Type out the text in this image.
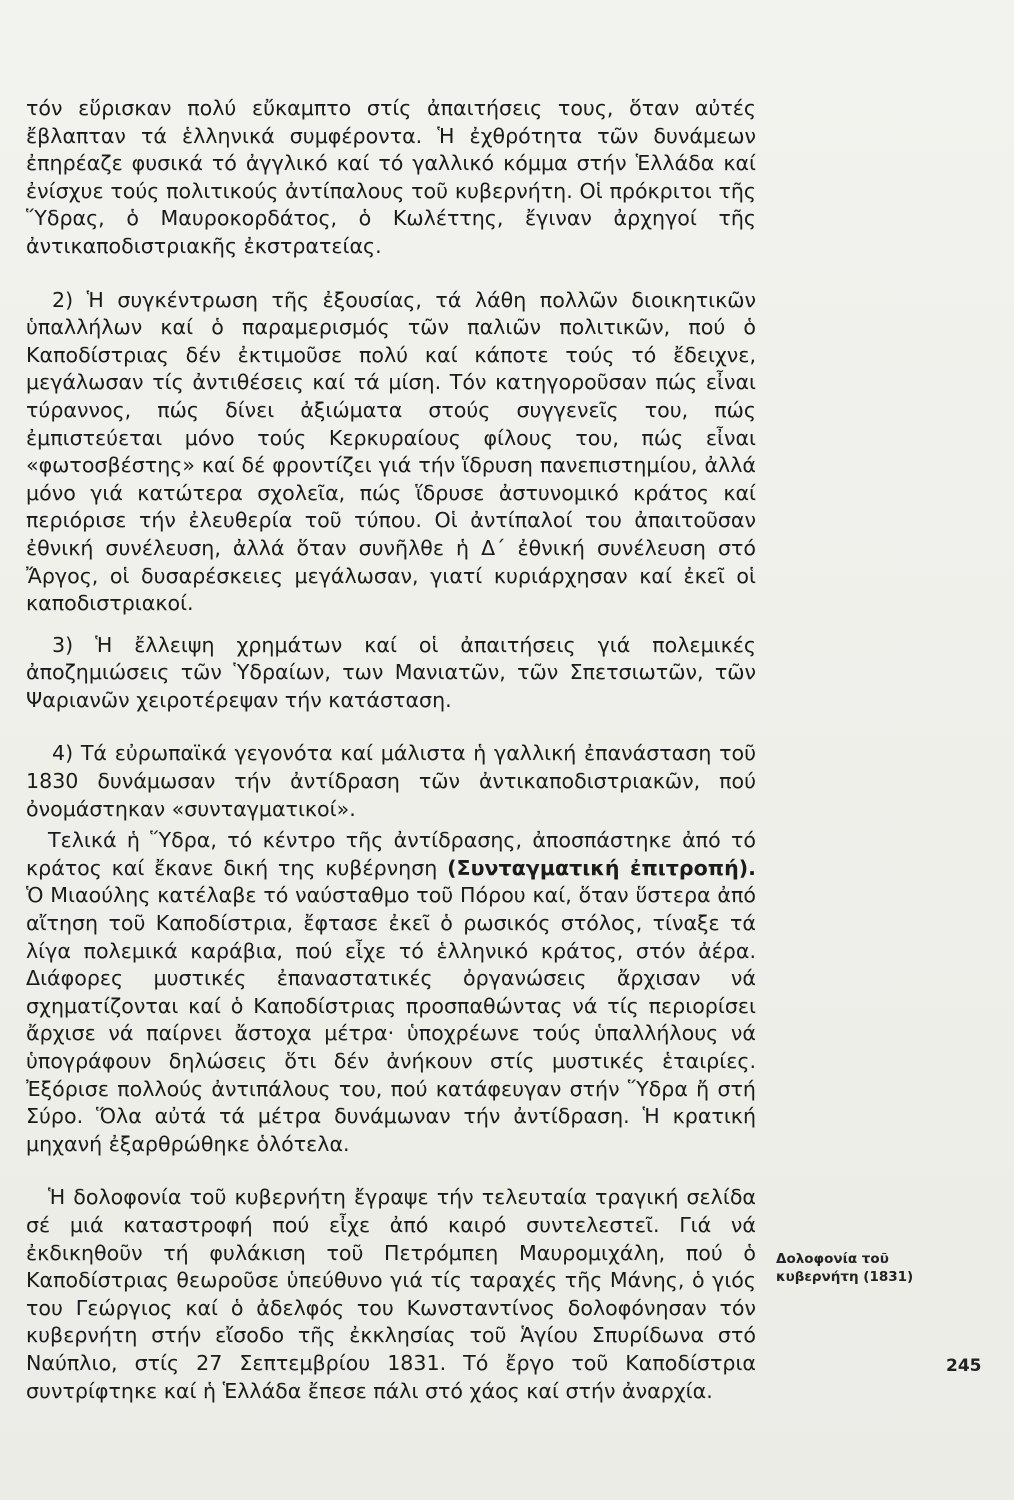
τόν εὕρισκαν πολύ εὔκαμπτο στίς ἀπαιτήσεις τους, ὅταν αὐτές ἔβλαπταν τά ἑλληνικά συμφέροντα. Ἡ ἐχθρότητα τῶν δυνάμεων ἐπηρέαζε φυσικά τό ἀγγλικό καί τό γαλλικό κόμμα στήν Ἑλλάδα καί ἐνίσχυε τούς πολιτικούς ἀντίπαλους τοῦ κυβερνήτη. Οἱ πρόκριτοι τῆς Ὕδρας, ὁ Μαυροκορδάτος, ὁ Κωλέττης, ἔγιναν ἀρχηγοί τῆς ἀντικαποδιστριακῆς ἐκστρατείας.

2) Ἡ συγκέντρωση τῆς ἐξουσίας, τά λάθη πολλῶν διοικητικῶν ὑπαλλήλων καί ὁ παραμερισμός τῶν παλιῶν πολιτικῶν, πού ὁ Καποδίστριας δέν ἐκτιμοῦσε πολύ καί κάποτε τούς τό ἔδειχνε, μεγάλωσαν τίς ἀντιθέσεις καί τά μίση. Τόν κατηγοροῦσαν πώς εἶναι τύραννος, πώς δίνει ἀξιώματα στούς συγγενεῖς του, πώς ἐμπιστεύεται μόνο τούς Κερκυραίους φίλους του, πώς εἶναι «φωτοσβέστης» καί δέ φροντίζει γιά τήν ἵδρυση πανεπιστημίου, ἀλλά μόνο γιά κατώτερα σχολεῖα, πώς ἵδρυσε ἀστυνομικό κράτος καί περιόρισε τήν ἐλευθερία τοῦ τύπου. Οἱ ἀντίπαλοί του ἀπαιτοῦσαν ἐθνική συνέλευση, ἀλλά ὅταν συνῆλθε ἡ Δ΄ ἐθνική συνέλευση στό Ἄργος, οἱ δυσαρέσκειες μεγάλωσαν, γιατί κυριάρχησαν καί ἐκεῖ οἱ καποδιστριακοί.

3) Ἡ ἔλλειψη χρημάτων καί οἱ ἀπαιτήσεις γιά πολεμικές ἀποζημιώσεις τῶν Ὑδραίων, των Μανιατῶν, τῶν Σπετσιωτῶν, τῶν Ψαριανῶν χειροτέρεψαν τήν κατάσταση.

4) Τά εὐρωπαϊκά γεγονότα καί μάλιστα ἡ γαλλική ἐπανάσταση τοῦ 1830 δυνάμωσαν τήν ἀντίδραση τῶν ἀντικαποδιστριακῶν, πού ὀνομάστηκαν «συνταγματικοί».

Τελικά ἡ Ὕδρα, τό κέντρο τῆς ἀντίδρασης, ἀποσπάστηκε ἀπό τό κράτος καί ἔκανε δική της κυβέρνηση (Συνταγματική ἐπιτροπή). Ὁ Μιαούλης κατέλαβε τό ναύσταθμο τοῦ Πόρου καί, ὅταν ὕστερα ἀπό αἴτηση τοῦ Καποδίστρια, ἔφτασε ἐκεῖ ὁ ρωσικός στόλος, τίναξε τά λίγα πολεμικά καράβια, πού εἶχε τό ἑλληνικό κράτος, στόν ἀέρα. Διάφορες μυστικές ἐπαναστατικές ὀργανώσεις ἄρχισαν νά σχηματίζονται καί ὁ Καποδίστριας προσπαθώντας νά τίς περιορίσει ἄρχισε νά παίρνει ἄστοχα μέτρα· ὑποχρέωνε τούς ὑπαλλήλους νά ὑπογράφουν δηλώσεις ὅτι δέν ἀνήκουν στίς μυστικές ἑταιρίες. Ἐξόρισε πολλούς ἀντιπάλους του, πού κατάφευγαν στήν Ὕδρα ἤ στή Σύρο. Ὅλα αὐτά τά μέτρα δυνάμωναν τήν ἀντίδραση. Ἡ κρατική μηχανή ἐξαρθρώθηκε ὁλότελα.

Ἡ δολοφονία τοῦ κυβερνήτη ἔγραψε τήν τελευταία τραγική σελίδα σέ μιά καταστροφή πού εἶχε ἀπό καιρό συντελεστεῖ. Γιά νά ἐκδικηθοῦν τή φυλάκιση τοῦ Πετρόμπεη Μαυρομιχάλη, πού ὁ Καποδίστριας θεωροῦσε ὑπεύθυνο γιά τίς ταραχές τῆς Μάνης, ὁ γιός του Γεώργιος καί ὁ ἀδελφός του Κωνσταντίνος δολοφόνησαν τόν κυβερνήτη στήν εἴσοδο τῆς ἐκκλησίας τοῦ Ἁγίου Σπυρίδωνα στό Ναύπλιο, στίς 27 Σεπτεμβρίου 1831. Τό ἔργο τοῦ Καποδίστρια συντρίφτηκε καί ἡ Ἑλλάδα ἔπεσε πάλι στό χάος καί στήν ἀναρχία.

Δολοφονία τοῦ
κυβερνήτη (1831)
245
